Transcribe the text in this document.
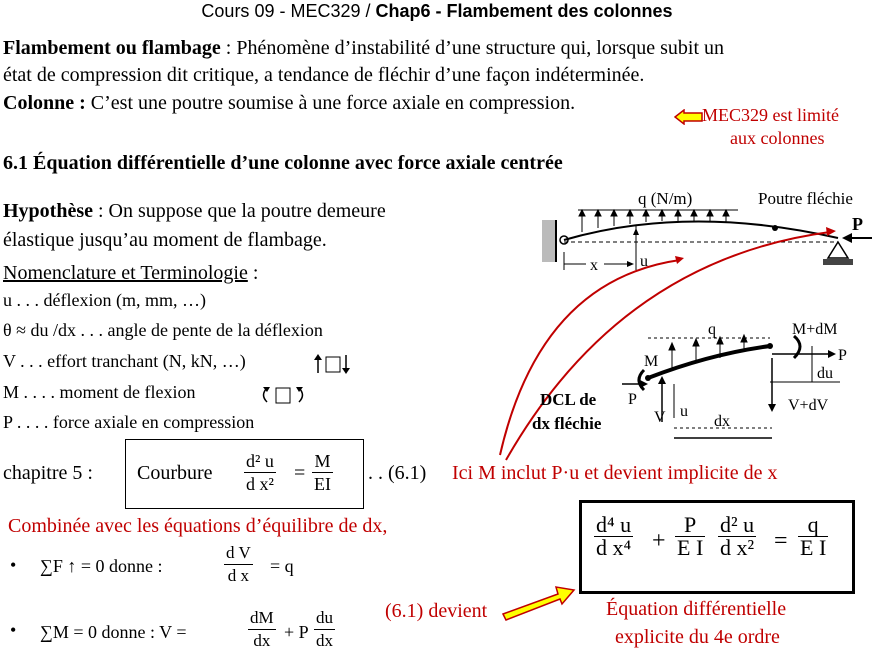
Cours 09 - MEC329 / Chap6 - Flambement des colonnes
Flambement ou flambage : Phénomène d’instabilité d’une structure qui, lorsque subit un
état de compression dit critique, a tendance de fléchir d’une façon indéterminée.
Colonne : C’est une poutre soumise à une force axiale en compression.
MEC329 est limité
aux colonnes
6.1 Équation différentielle d’une colonne avec force axiale centrée
Hypothèse : On suppose que la poutre demeure
élastique jusqu’au moment de flambage.
Nomenclature et Terminologie :
u . . . déflexion (m, mm, …)
θ ≈ du /dx . . . angle de pente de la déflexion
V . . . effort tranchant (N, kN, …)
M . . . . moment de flexion
P . . . . force axiale en compression
chapitre 5 : Courbure $\frac{\text{d² u}}{\text{d x²}} = \frac{M}{EI}$ . . (6.1) Ici M inclut P·u et devient implicite de x
Combinée avec les équations d’équilibre de dx,
• ∑F ↑ = 0 donne :	$\frac{\text{d V}}{\text{d x}} = q$
• ∑M = 0 donne : V =	$\frac{dM}{dx} + P \frac{du}{dx}$	(6.1) devient
$\frac{\text{d⁴ u}}{\text{d x⁴}} + \frac{P}{\text{E I}} \frac{\text{d² u}}{\text{d x²}} = \frac{q}{\text{E I}}$
Équation différentielle
explicite du 4e ordre
q (N/m)	Poutre fléchie
P
x	u
q	M+dM
P
du
V+dV
M
P
V u
dx
DCL de
dx fléchie
